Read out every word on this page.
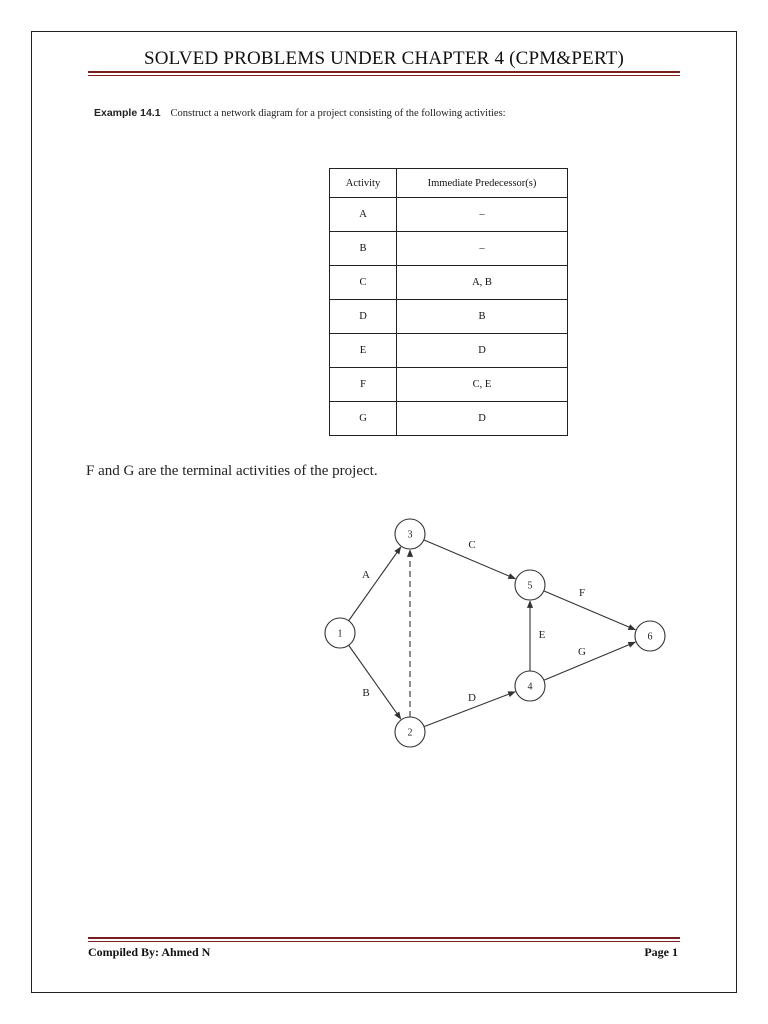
SOLVED PROBLEMS UNDER CHAPTER 4 (CPM&PERT)
Example 14.1 Construct a network diagram for a project consisting of the following activities:
Activity	Immediate Predecessor(s)
A	–
B	–
C	A, B
D	B
E	D
F	C, E
G	D
F and G are the terminal activities of the project.
A
B
C
D
E
F
G
1
2
3
4
5
6
Compiled By: Ahmed N	Page 1
